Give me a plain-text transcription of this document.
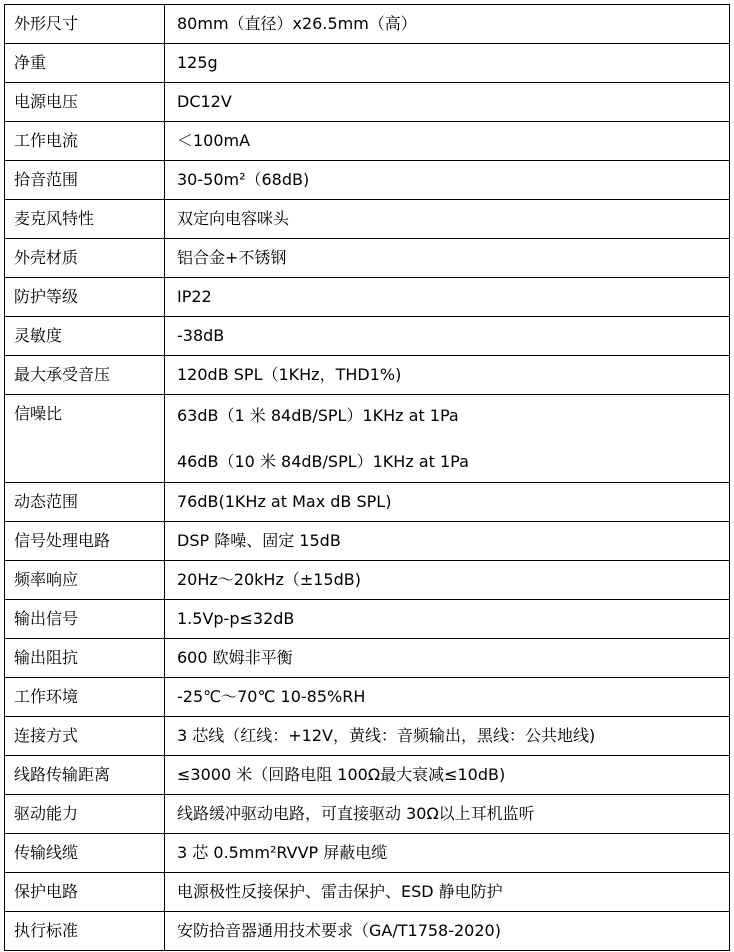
外形尺寸	80mm（直径）x26.5mm（高）
净重	125g
电源电压	DC12V
工作电流	＜100mA
拾音范围	30-50m²（68dB)
麦克风特性	双定向电容咪头
外壳材质	铝合金+不锈钢
防护等级	IP22
灵敏度	-38dB
最大承受音压	120dB SPL（1KHz，THD1%)
信噪比	63dB（1 米 84dB/SPL）1KHz at 1Pa
46dB（10 米 84dB/SPL）1KHz at 1Pa

动态范围	76dB(1KHz at Max dB SPL)
信号处理电路	DSP 降噪、固定 15dB
频率响应	20Hz～20kHz（±15dB)
输出信号	1.5Vp-p≤32dB
输出阻抗	600 欧姆非平衡
工作环境	-25℃～70℃ 10-85%RH
连接方式	3 芯线（红线：+12V，黄线：音频输出，黑线：公共地线)
线路传输距离	≤3000 米（回路电阻 100Ω最大衰减≤10dB)
驱动能力	线路缓冲驱动电路，可直接驱动 30Ω以上耳机监听
传输线缆	3 芯 0.5mm²RVVP 屏蔽电缆
保护电路	电源极性反接保护、雷击保护、ESD 静电防护
执行标准	安防拾音器通用技术要求（GA/T1758-2020)
